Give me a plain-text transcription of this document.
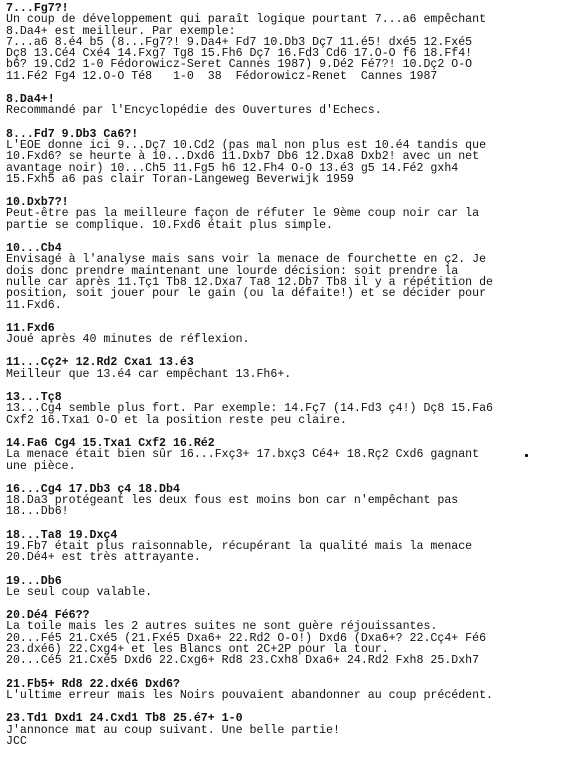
7...Fg7?!
Un coup de développement qui paraît logique pourtant 7...a6 empêchant
8.Da4+ est meilleur. Par exemple:
7...a6 8.é4 b5 (8...Fg7?! 9.Da4+ Fd7 10.Db3 Dç7 11.é5! dxé5 12.Fxé5
Dç8 13.Cé4 Cxé4 14.Fxg7 Tg8 15.Fh6 Dç7 16.Fd3 Cd6 17.O-O f6 18.Ff4!
b6? 19.Cd2 1-0 Fédorowicz-Seret Cannes 1987) 9.Dé2 Fé7?! 10.Dç2 O-O
11.Fé2 Fg4 12.O-O Té8   1-0  38  Fédorowicz-Renet  Cannes 1987
8.Da4+!
Recommandé par l'Encyclopédie des Ouvertures d'Echecs.
8...Fd7 9.Db3 Ca6?!
L'EOE donne ici 9...Dç7 10.Cd2 (pas mal non plus est 10.é4 tandis que
10.Fxd6? se heurte à 10...Dxd6 11.Dxb7 Db6 12.Dxa8 Dxb2! avec un net
avantage noir) 10...Ch5 11.Fg5 h6 12.Fh4 O-O 13.é3 g5 14.Fé2 gxh4
15.Fxh5 a6 pas clair Toran-Langeweg Beverwijk 1959
10.Dxb7?!
Peut-être pas la meilleure façon de réfuter le 9ème coup noir car la
partie se complique. 10.Fxd6 était plus simple.
10...Cb4
Envisagé à l'analyse mais sans voir la menace de fourchette en ç2. Je
dois donc prendre maintenant une lourde décision: soit prendre la
nulle car après 11.Tç1 Tb8 12.Dxa7 Ta8 12.Db7 Tb8 il y a répétition de
position, soit jouer pour le gain (ou la défaite!) et se décider pour
11.Fxd6.
11.Fxd6
Joué après 40 minutes de réflexion.
11...Cç2+ 12.Rd2 Cxa1 13.é3
Meilleur que 13.é4 car empêchant 13.Fh6+.
13...Tç8
13...Cg4 semble plus fort. Par exemple: 14.Fç7 (14.Fd3 ç4!) Dç8 15.Fa6
Cxf2 16.Txa1 O-O et la position reste peu claire.
14.Fa6 Cg4 15.Txa1 Cxf2 16.Ré2
La menace était bien sûr 16...Fxç3+ 17.bxç3 Cé4+ 18.Rç2 Cxd6 gagnant
une pièce.
16...Cg4 17.Db3 ç4 18.Db4
18.Da3 protégeant les deux fous est moins bon car n'empêchant pas
18...Db6!
18...Ta8 19.Dxç4
19.Fb7 était plus raisonnable, récupérant la qualité mais la menace
20.Dé4+ est très attrayante.
19...Db6
Le seul coup valable.
20.Dé4 Fé6??
La toile mais les 2 autres suites ne sont guère réjouissantes.
20...Fé5 21.Cxé5 (21.Fxé5 Dxa6+ 22.Rd2 O-O!) Dxd6 (Dxa6+? 22.Cç4+ Fé6
23.dxé6) 22.Cxg4+ et les Blancs ont 2C+2P pour la tour.
20...Cé5 21.Cxé5 Dxd6 22.Cxg6+ Rd8 23.Cxh8 Dxa6+ 24.Rd2 Fxh8 25.Dxh7
21.Fb5+ Rd8 22.dxé6 Dxd6?
L'ultime erreur mais les Noirs pouvaient abandonner au coup précédent.
23.Td1 Dxd1 24.Cxd1 Tb8 25.é7+ 1-0
J'annonce mat au coup suivant. Une belle partie!
JCC
